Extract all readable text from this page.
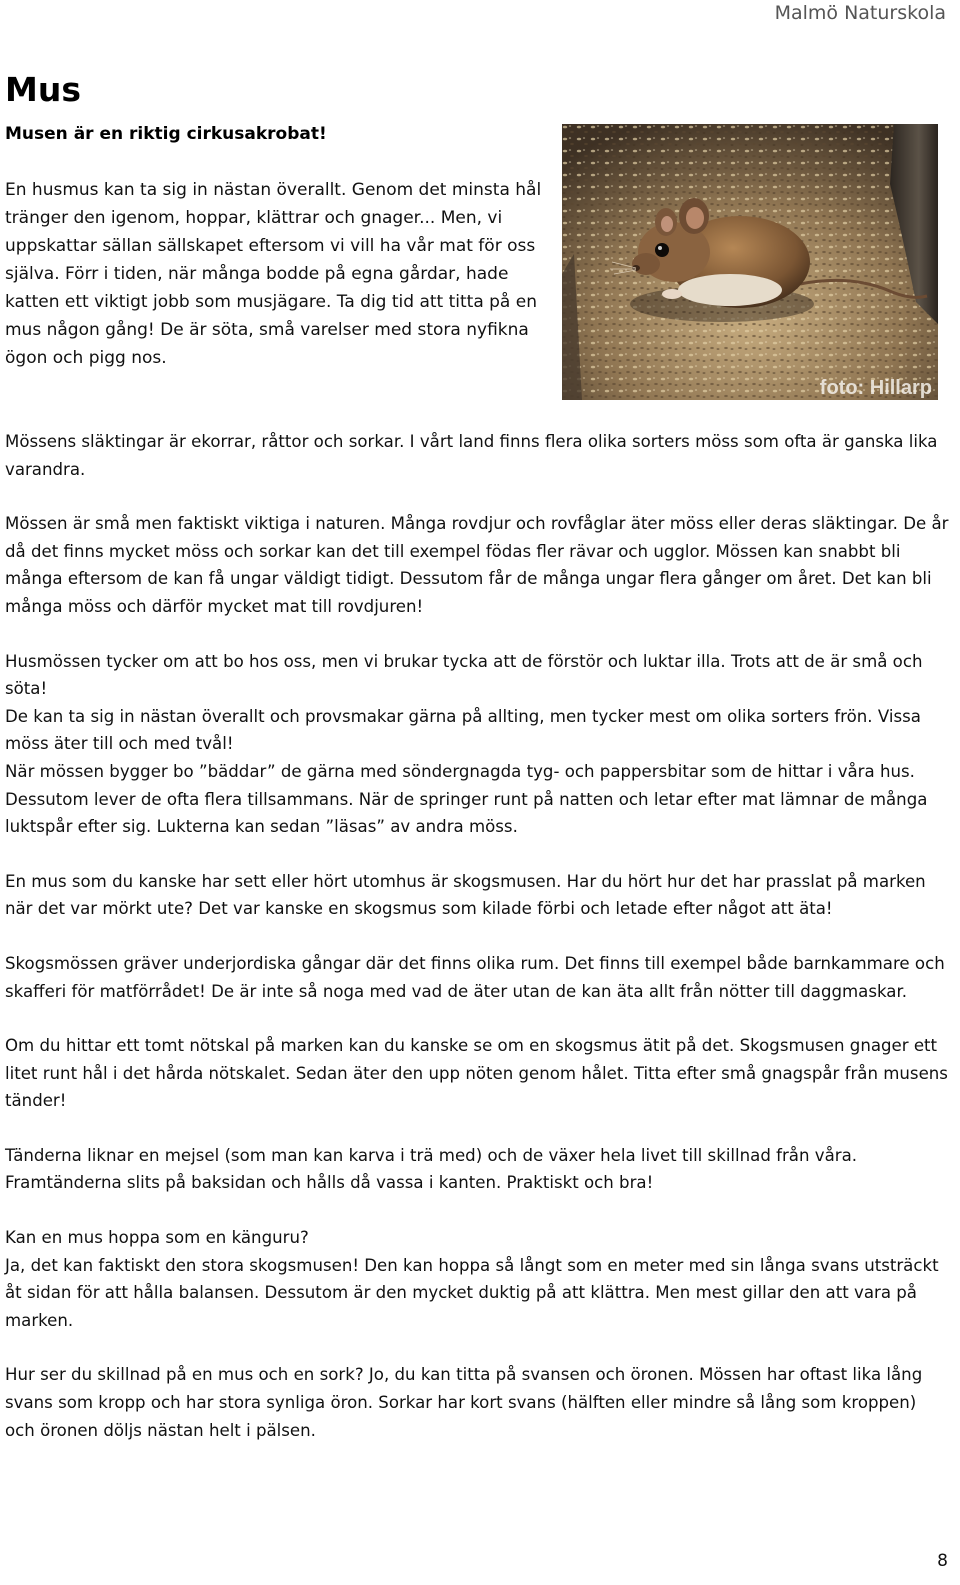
Malmö Naturskola
Mus

Musen är en riktig cirkusakrobat!

En husmus kan ta sig in nästan överallt. Genom det minsta hål tränger den igenom, hoppar, klättrar och gnager... Men, vi uppskattar sällan sällskapet eftersom vi vill ha vår mat för oss själva. Förr i tiden, när många bodde på egna gårdar, hade katten ett viktigt jobb som musjägare. Ta dig tid att titta på en mus någon gång! De är söta, små varelser med stora nyfikna ögon och pigg nos.

foto: Hillarp

Mössens släktingar är ekorrar, råttor och sorkar. I vårt land finns flera olika sorters möss som ofta är ganska lika varandra.

Mössen är små men faktiskt viktiga i naturen. Många rovdjur och rovfåglar äter möss eller deras släktingar. De år då det finns mycket möss och sorkar kan det till exempel födas fler rävar och ugglor. Mössen kan snabbt bli många eftersom de kan få ungar väldigt tidigt. Dessutom får de många ungar flera gånger om året. Det kan bli många möss och därför mycket mat till rovdjuren!

Husmössen tycker om att bo hos oss, men vi brukar tycka att de förstör och luktar illa. Trots att de är små och söta!

De kan ta sig in nästan överallt och provsmakar gärna på allting, men tycker mest om olika sorters frön. Vissa möss äter till och med tvål!

När mössen bygger bo ”bäddar” de gärna med söndergnagda tyg- och pappersbitar som de hittar i våra hus. Dessutom lever de ofta flera tillsammans. När de springer runt på natten och letar efter mat lämnar de många luktspår efter sig. Lukterna kan sedan ”läsas” av andra möss.

En mus som du kanske har sett eller hört utomhus är skogsmusen. Har du hört hur det har prasslat på marken när det var mörkt ute? Det var kanske en skogsmus som kilade förbi och letade efter något att äta!

Skogsmössen gräver underjordiska gångar där det finns olika rum. Det finns till exempel både barnkammare och skafferi för matförrådet! De är inte så noga med vad de äter utan de kan äta allt från nötter till daggmaskar.

Om du hittar ett tomt nötskal på marken kan du kanske se om en skogsmus ätit på det. Skogsmusen gnager ett litet runt hål i det hårda nötskalet. Sedan äter den upp nöten genom hålet. Titta efter små gnagspår från musens tänder!

Tänderna liknar en mejsel (som man kan karva i trä med) och de växer hela livet till skillnad från våra. Framtänderna slits på baksidan och hålls då vassa i kanten. Praktiskt och bra!

Kan en mus hoppa som en känguru?

Ja, det kan faktiskt den stora skogsmusen! Den kan hoppa så långt som en meter med sin långa svans utsträckt åt sidan för att hålla balansen. Dessutom är den mycket duktig på att klättra. Men mest gillar den att vara på marken.

Hur ser du skillnad på en mus och en sork? Jo, du kan titta på svansen och öronen. Mössen har oftast lika lång svans som kropp och har stora synliga öron. Sorkar har kort svans (hälften eller mindre så lång som kroppen) och öronen döljs nästan helt i pälsen.

8
